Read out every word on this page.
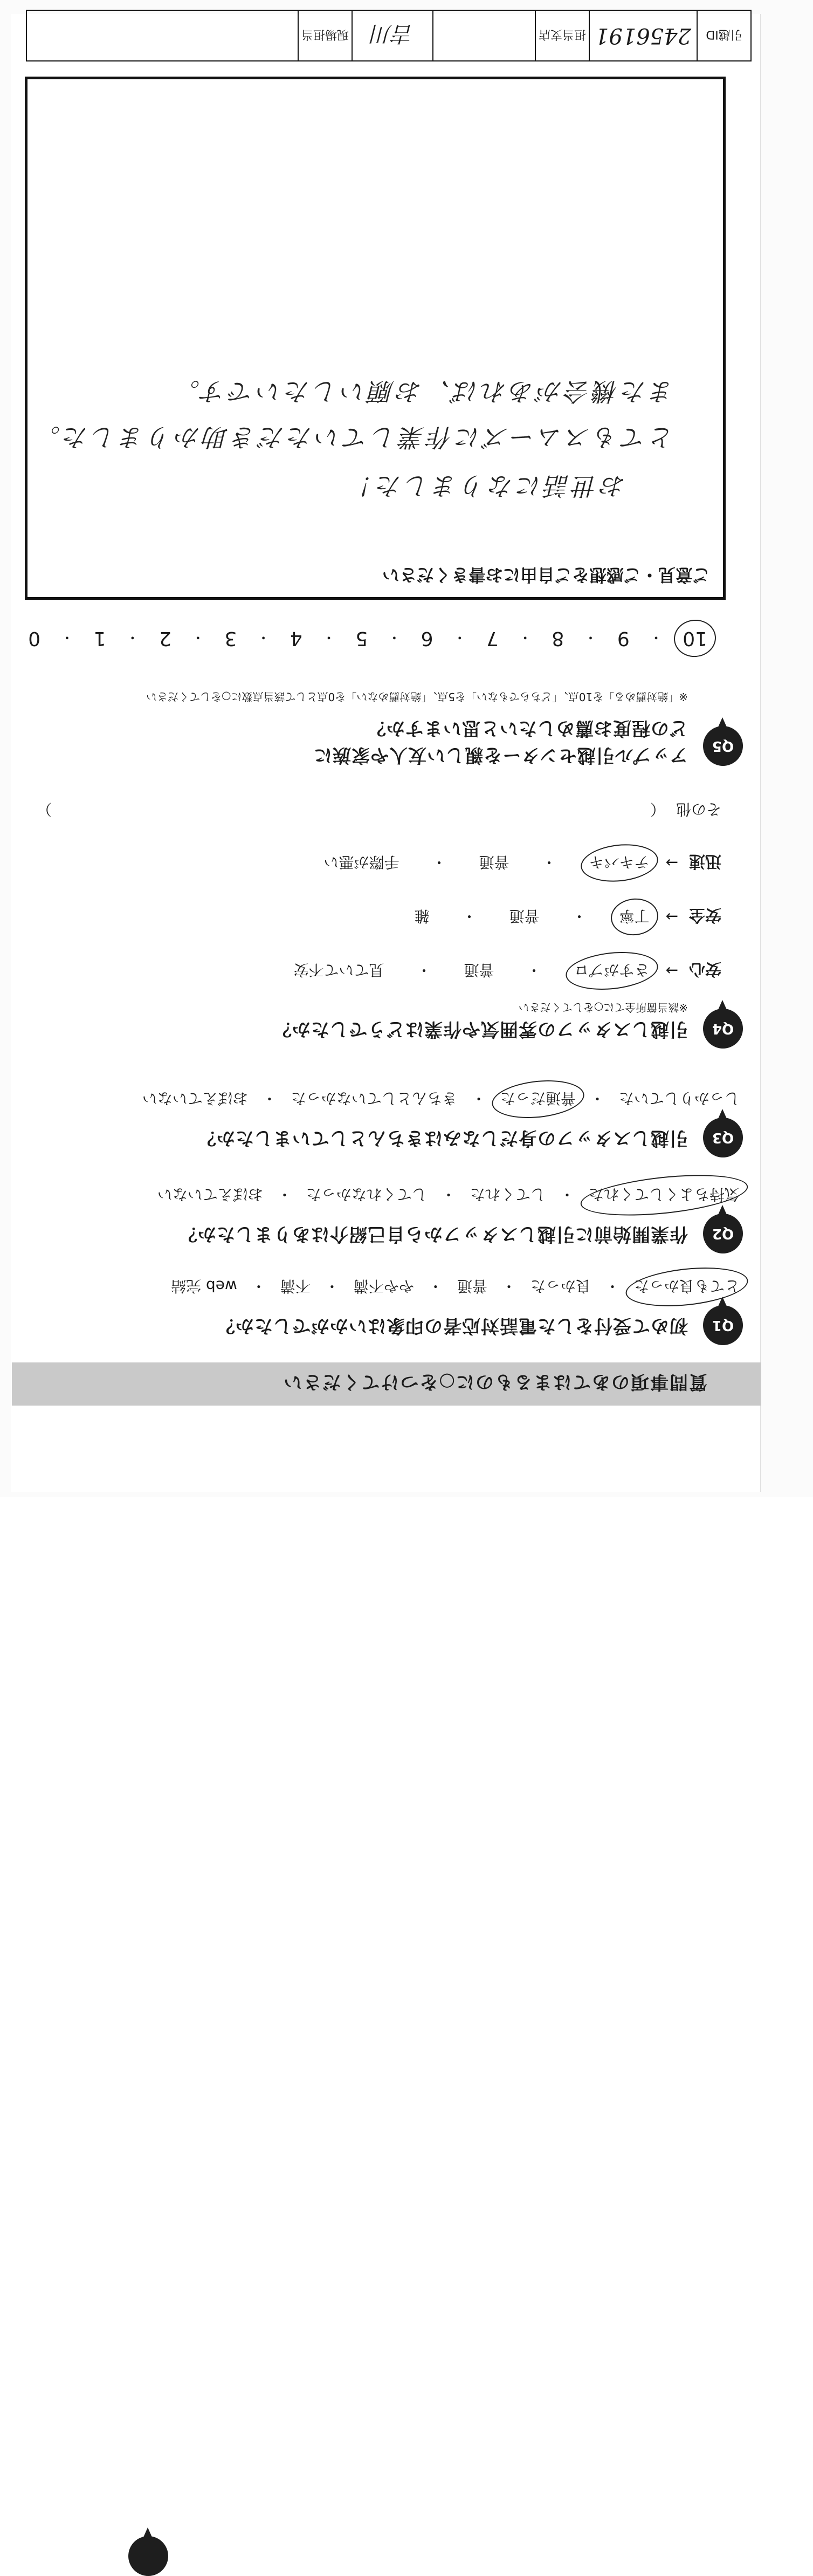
質問事項のあてはまるものに○をつけてください
Q1
初めて受付をした電話対応者の印象はいかがでしたか？
とても良かった
・
良かった
・
普通
・
やや不満
・
不満
・
web 完結
Q2
作業開始前に引越しスタッフから自己紹介はありましたか？
気持ちよくしてくれた
・
してくれた
・
してくれなかった
・
おぼえていない
Q3
引越しスタッフの身だしなみはきちんとしていましたか？
しっかりしていた
・
普通だった
・
きちんとしていなかった
・
おぼえていない
Q4
引越しスタッフの雰囲気や作業はどうでしたか？
※該当箇所全てに○をしてください
安心
→
さすがプロ
・
普通
・
見ていて不安
安全
→
丁寧
・
普通
・
雑
迅速
→
テキパキ
・
普通
・
手際が悪い
その他
（
）
Q5
アップル引越センターを親しい友人や家族に
どの程度お薦めしたいと思いますか？
※「絶対薦める」を10点、「どちらでもない」を5点、「絶対薦めない」を0点として該当点数に○をしてください
10
・
9
・
8
・
7
・
6
・
5
・
4
・
3
・
2
・
1
・
0
ご意見・ご感想をご自由にお書きください
お世話になりました！
とてもスムーズに作業していただき助かりました。
また機会があれば、お願いしたいです。
引越ID
2456191
担当支店
吉川
現場担当
